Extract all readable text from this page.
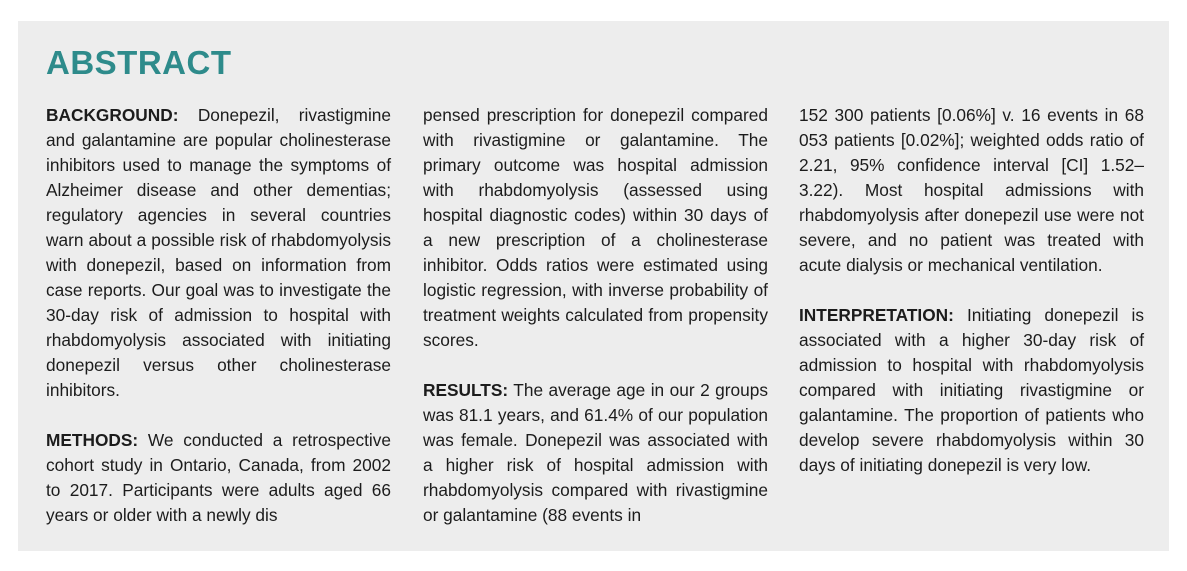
ABSTRACT

BACKGROUND: Donepezil, rivastigmine and galantamine are popular cholinesterase inhibitors used to manage the symptoms of Alzheimer disease and other dementias; regulatory agencies in several countries warn about a possible risk of rhabdomyolysis with donepezil, based on information from case reports. Our goal was to investigate the 30-day risk of admission to hospital with rhabdomyolysis associated with initiating donepezil versus other cholinesterase inhibitors.

METHODS: We conducted a retrospective cohort study in Ontario, Canada, from 2002 to 2017. Participants were adults aged 66 years or older with a newly dis

pensed prescription for donepezil compared with rivastigmine or galantamine. The primary outcome was hospital admission with rhabdomyolysis (assessed using hospital diagnostic codes) within 30 days of a new prescription of a cholinesterase inhibitor. Odds ratios were estimated using logistic regression, with inverse probability of treatment weights calculated from propensity scores.

RESULTS: The average age in our 2 groups was 81.1 years, and 61.4% of our population was female. Donepezil was associated with a higher risk of hospital admission with rhabdomyolysis compared with rivastigmine or galantamine (88 events in

152 300 patients [0.06%] v. 16 events in 68 053 patients [0.02%]; weighted odds ratio of 2.21, 95% confidence interval [CI] 1.52–3.22). Most hospital admissions with rhabdomyolysis after donepezil use were not severe, and no patient was treated with acute dialysis or mechanical ventilation.

INTERPRETATION: Initiating donepezil is associated with a higher 30-day risk of admission to hospital with rhabdomyolysis compared with initiating rivastigmine or galantamine. The proportion of patients who develop severe rhabdomyolysis within 30 days of initiating donepezil is very low.
